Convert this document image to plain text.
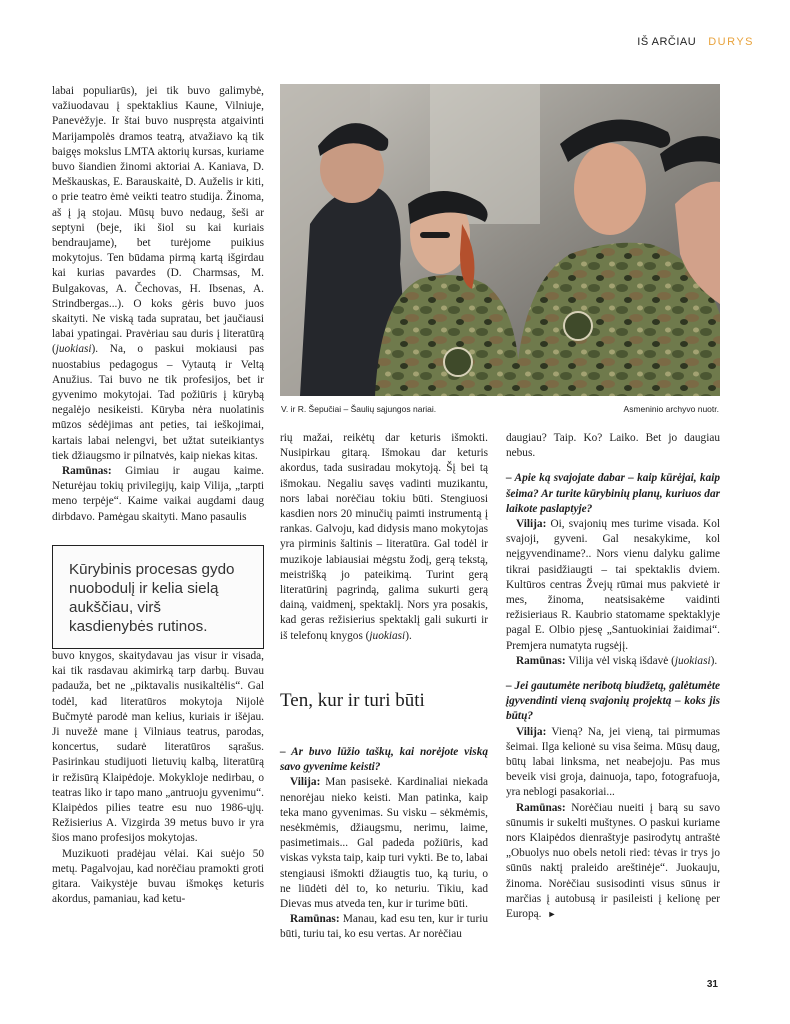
IŠ ARČIAU DURYS
V. ir R. Šepučiai – Šaulių sąjungos nariai.	Asmeninio archyvo nuotr.

labai populiarūs), jei tik buvo galimybė, važiuodavau į spektaklius Kaune, Vilniuje, Panevėžyje. Ir štai buvo nuspręsta atgaivinti Marijampolės dramos teatrą, atvažiavo ką tik baigęs mokslus LMTA aktorių kursas, kuriame buvo šiandien žinomi aktoriai A. Kaniava, D. Meškauskas, E. Barauskaitė, D. Auželis ir kiti, o prie teatro ėmė veikti teatro studija. Žinoma, aš į ją stojau. Mūsų buvo nedaug, šeši ar septyni (beje, iki šiol su kai kuriais bendraujame), bet turėjome puikius mokytojus. Ten būdama pirmą kartą išgirdau kai kurias pavardes (D. Charmsas, M. Bulgakovas, A. Čechovas, H. Ibsenas, A. Strindbergas...). O koks gėris buvo juos skaityti. Ne viską tada supratau, bet jaučiausi labai ypatingai. Pravėriau sau duris į literatūrą (juokiasi). Na, o paskui mokiausi pas nuostabius pedagogus – Vytautą ir Veltą Anužius. Tai buvo ne tik profesijos, bet ir gyvenimo mokytojai. Tad požiūris į kūrybą negalėjo nesikeisti. Kūryba nėra nuolatinis mūzos sėdėjimas ant peties, tai ieškojimai, kartais labai nelengvi, bet užtat suteikiantys tiek džiaugsmo ir pilnatvės, kaip niekas kitas.

Ramūnas: Gimiau ir augau kaime. Neturėjau tokių privilegijų, kaip Vilija, „tarpti meno terpėje“. Kaime vaikai augdami daug dirbdavo. Pamėgau skaityti. Mano pasaulis

Kūrybinis procesas gydo nuobodulį ir kelia sielą aukščiau, virš kasdienybės rutinos.

buvo knygos, skaitydavau jas visur ir visada, kai tik rasdavau akimirką tarp darbų. Buvau padauža, bet ne „piktavalis nusikaltėlis“. Gal todėl, kad literatūros mokytoja Nijolė Bučmytė parodė man kelius, kuriais ir išėjau. Ji nuvežė mane į Vilniaus teatrus, parodas, koncertus, sudarė literatūros sąrašus. Pasirinkau studijuoti lietuvių kalbą, literatūrą ir režisūrą Klaipėdoje. Mokykloje nedirbau, o teatras liko ir tapo mano „antruoju gyvenimu“. Klaipėdos pilies teatre esu nuo 1986-ųjų. Režisierius A. Vizgirda 39 metus buvo ir yra šios mano profesijos mokytojas.

Muzikuoti pradėjau vėlai. Kai suėjo 50 metų. Pagalvojau, kad norėčiau pramokti groti gitara. Vaikystėje buvau išmokęs keturis akordus, pamaniau, kad ketu-

rių mažai, reikėtų dar keturis išmokti. Nusipirkau gitarą. Išmokau dar keturis akordus, tada susiradau mokytoją. Šį bei tą išmokau. Negaliu savęs vadinti muzikantu, nors labai norėčiau tokiu būti. Stengiuosi kasdien nors 20 minučių paimti instrumentą į rankas. Galvoju, kad didysis mano mokytojas yra pirminis šaltinis – literatūra. Gal todėl ir muzikoje labiausiai mėgstu žodį, gerą tekstą, meistrišką jo pateikimą. Turint gerą literatūrinį pagrindą, galima sukurti gerą dainą, vaidmenį, spektaklį. Nors yra posakis, kad geras režisierius spektaklį gali sukurti ir iš telefonų knygos (juokiasi).

Ten, kur ir turi būti

– Ar buvo lūžio taškų, kai norėjote viską savo gyvenime keisti?

Vilija: Man pasisekė. Kardinaliai niekada nenorėjau nieko keisti. Man patinka, kaip teka mano gyvenimas. Su visku – sėkmėmis, nesėkmėmis, džiaugsmu, nerimu, laime, pasimetimais... Gal padeda požiūris, kad viskas vyksta taip, kaip turi vykti. Be to, labai stengiausi išmokti džiaugtis tuo, ką turiu, o ne liūdėti dėl to, ko neturiu. Tikiu, kad Dievas mus atveda ten, kur ir turime būti.

Ramūnas: Manau, kad esu ten, kur ir turiu būti, turiu tai, ko esu vertas. Ar norėčiau

daugiau? Taip. Ko? Laiko. Bet jo daugiau nebus.

– Apie ką svajojate dabar – kaip kūrėjai, kaip šeima? Ar turite kūrybinių planų, kuriuos dar laikote paslaptyje?

Vilija: Oi, svajonių mes turime visada. Kol svajoji, gyveni. Gal nesakykime, kol neįgyvendiname?.. Nors vienu dalyku galime tikrai pasidžiaugti – tai spektaklis dviem. Kultūros centras Žvejų rūmai mus pakvietė ir mes, žinoma, neatsisakėme vaidinti režisieriaus R. Kaubrio statomame spektaklyje pagal E. Olbio pjesę „Santuokiniai žaidimai“. Premjera numatyta rugsėjį.

Ramūnas: Vilija vėl viską išdavė (juokiasi).

– Jei gautumėte neribotą biudžetą, galėtumėte įgyvendinti vieną svajonių projektą – koks jis būtų?

Vilija: Vieną? Na, jei vieną, tai pirmumas šeimai. Ilga kelionė su visa šeima. Mūsų daug, būtų labai linksma, net neabejoju. Pas mus beveik visi groja, dainuoja, tapo, fotografuoja, yra neblogi pasakoriai...

Ramūnas: Norėčiau nueiti į barą su savo sūnumis ir sukelti muštynes. O paskui kuriame nors Klaipėdos dienraštyje pasirodytų antraštė „Obuolys nuo obels netoli ried: tėvas ir trys jo sūnūs naktį praleido areštinėje“. Juokauju, žinoma. Norėčiau susisodinti visus sūnus ir marčias į autobusą ir pasileisti į kelionę per Europą. ►

31
